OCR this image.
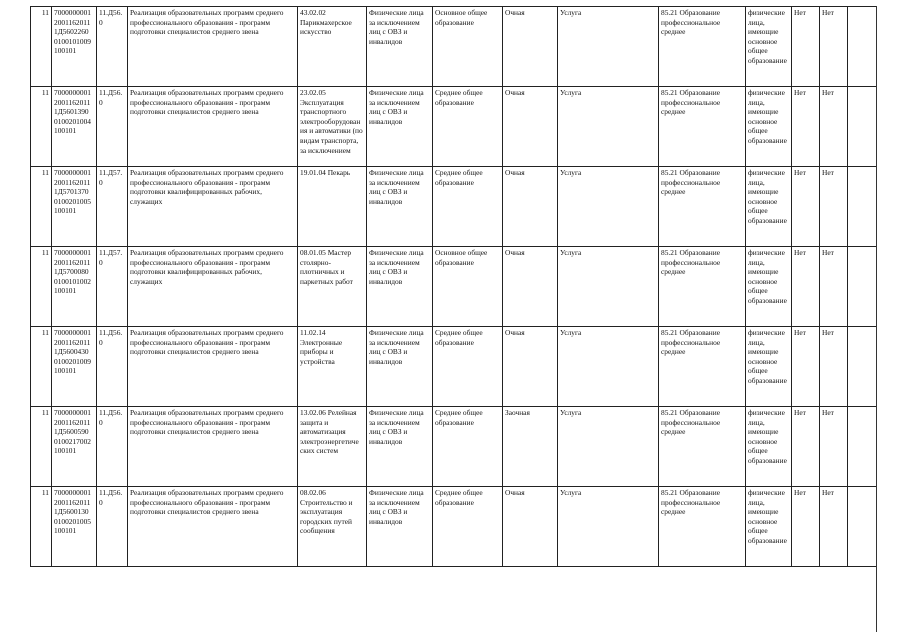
11	7000000001 2001162011 1Д5602260 0100101009 100101	11.Д56.0	Реализация образовательных программ среднего профессионального образования - программ подготовки специалистов среднего звена	43.02.02 Парикмахерское искусство	Физические лица за исключением лиц с ОВЗ и инвалидов	Основное общее образование	Очная	Услуга	85.21 Образование профессиональное среднее	физические лица, имеющие основное общее образование	Нет	Нет	

11	7000000001 2001162011 1Д5601390 0100201004 100101	11.Д56.0	Реализация образовательных программ среднего профессионального образования - программ подготовки специалистов среднего звена	23.02.05 Эксплуатация транспортного электрооборудован ия и автоматики (по видам транспорта, за исключением	Физические лица за исключением лиц с ОВЗ и инвалидов	Среднее общее образование	Очная	Услуга	85.21 Образование профессиональное среднее	физические лица, имеющие основное общее образование	Нет	Нет	

11	7000000001 2001162011 1Д5701370 0100201005 100101	11.Д57.0	Реализация образовательных программ среднего профессионального образования - программ подготовки квалифицированных рабочих, служащих	19.01.04 Пекарь	Физические лица за исключением лиц с ОВЗ и инвалидов	Среднее общее образование	Очная	Услуга	85.21 Образование профессиональное среднее	физические лица, имеющие основное общее образование	Нет	Нет	

11	7000000001 2001162011 1Д5700080 0100101002 100101	11.Д57.0	Реализация образовательных программ среднего профессионального образования - программ подготовки квалифицированных рабочих, служащих	08.01.05 Мастер столярно-плотничных и паркетных работ	Физические лица за исключением лиц с ОВЗ и инвалидов	Основное общее образование	Очная	Услуга	85.21 Образование профессиональное среднее	физические лица, имеющие основное общее образование	Нет	Нет	

11	7000000001 2001162011 1Д5600430 0100201009 100101	11.Д56.0	Реализация образовательных программ среднего профессионального образования - программ подготовки специалистов среднего звена	11.02.14 Электронные приборы и устройства	Физические лица за исключением лиц с ОВЗ и инвалидов	Среднее общее образование	Очная	Услуга	85.21 Образование профессиональное среднее	физические лица, имеющие основное общее образование	Нет	Нет	

11	7000000001 2001162011 1Д5600590 0100217002 100101	11.Д56.0	Реализация образовательных программ среднего профессионального образования - программ подготовки специалистов среднего звена	13.02.06 Релейная защита и автоматизация электроэнергетиче ских систем	Физические лица за исключением лиц с ОВЗ и инвалидов	Среднее общее образование	Заочная	Услуга	85.21 Образование профессиональное среднее	физические лица, имеющие основное общее образование	Нет	Нет	

11	7000000001 2001162011 1Д5600130 0100201005 100101	11.Д56.0	Реализация образовательных программ среднего профессионального образования - программ подготовки специалистов среднего звена	08.02.06 Строительство и эксплуатация городских путей сообщения	Физические лица за исключением лиц с ОВЗ и инвалидов	Среднее общее образование	Очная	Услуга	85.21 Образование профессиональное среднее	физические лица, имеющие основное общее образование	Нет	Нет	
